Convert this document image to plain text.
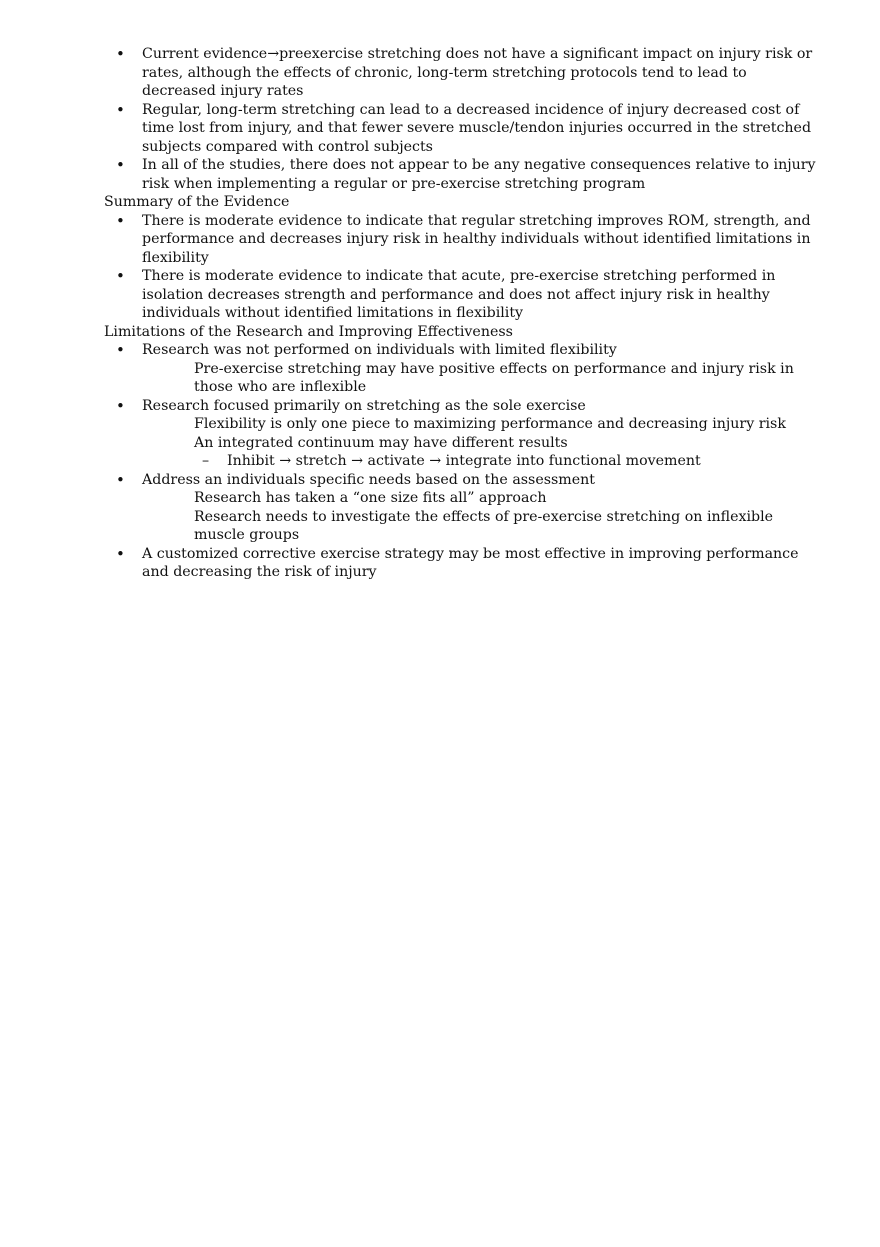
• Current evidence→preexercise stretching does not have a significant impact on injury risk or rates, although the effects of chronic, long-term stretching protocols tend to lead to decreased injury rates
• Regular, long-term stretching can lead to a decreased incidence of injury decreased cost of time lost from injury, and that fewer severe muscle/tendon injuries occurred in the stretched subjects compared with control subjects
• In all of the studies, there does not appear to be any negative consequences relative to injury risk when implementing a regular or pre-exercise stretching program
Summary of the Evidence
• There is moderate evidence to indicate that regular stretching improves ROM, strength, and performance and decreases injury risk in healthy individuals without identified limitations in flexibility
• There is moderate evidence to indicate that acute, pre-exercise stretching performed in isolation decreases strength and performance and does not affect injury risk in healthy individuals without identified limitations in flexibility
Limitations of the Research and Improving Effectiveness
• Research was not performed on individuals with limited flexibility
Pre-exercise stretching may have positive effects on performance and injury risk in those who are inflexible
• Research focused primarily on stretching as the sole exercise
Flexibility is only one piece to maximizing performance and decreasing injury risk
An integrated continuum may have different results
– Inhibit → stretch → activate → integrate into functional movement
• Address an individuals specific needs based on the assessment
Research has taken a “one size fits all” approach
Research needs to investigate the effects of pre-exercise stretching on inflexible muscle groups
• A customized corrective exercise strategy may be most effective in improving performance and decreasing the risk of injury
